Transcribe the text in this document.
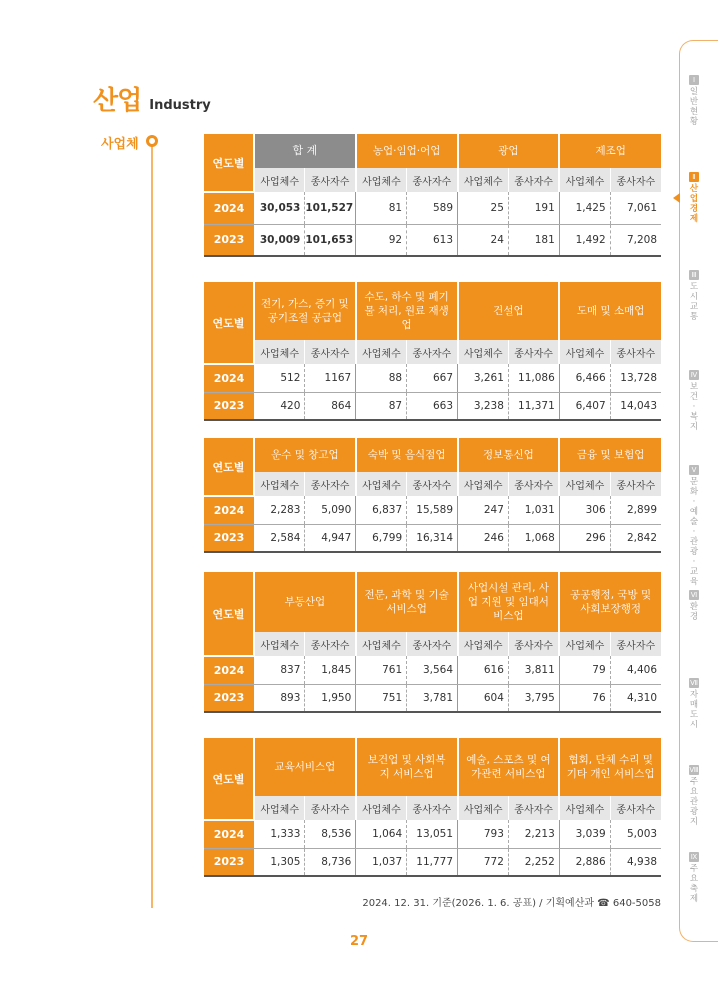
산업 Industry
사업체
연도별	합 계		농업·임업·어업		광업		제조업	
	사업체수	종사자수	사업체수	종사자수	사업체수	종사자수	사업체수	종사자수
2024	30,053	101,527	81	589	25	191	1,425	7,061
2023	30,009	101,653	92	613	24	181	1,492	7,208
연도별	전기, 가스, 증기 및 공기조절 공급업		수도, 하수 및 폐기물 처리, 원료 재생업		건설업		도매 및 소매업	
	사업체수	종사자수	사업체수	종사자수	사업체수	종사자수	사업체수	종사자수
2024	512	1167	88	667	3,261	11,086	6,466	13,728
2023	420	864	87	663	3,238	11,371	6,407	14,043
연도별	운수 및 창고업		숙박 및 음식점업		정보통신업		금융 및 보험업	
	사업체수	종사자수	사업체수	종사자수	사업체수	종사자수	사업체수	종사자수
2024	2,283	5,090	6,837	15,589	247	1,031	306	2,899
2023	2,584	4,947	6,799	16,314	246	1,068	296	2,842
연도별	부동산업		전문, 과학 및 기술서비스업		사업시설 관리, 사업 지원 및 임대서비스업		공공행정, 국방 및 사회보장행정	
	사업체수	종사자수	사업체수	종사자수	사업체수	종사자수	사업체수	종사자수
2024	837	1,845	761	3,564	616	3,811	79	4,406
2023	893	1,950	751	3,781	604	3,795	76	4,310
연도별	교육서비스업		보건업 및 사회복지 서비스업		예술, 스포츠 및 여가관련 서비스업		협회, 단체 수리 및 기타 개인 서비스업	
	사업체수	종사자수	사업체수	종사자수	사업체수	종사자수	사업체수	종사자수
2024	1,333	8,536	1,064	13,051	793	2,213	3,039	5,003
2023	1,305	8,736	1,037	11,777	772	2,252	2,886	4,938
2024. 12. 31. 기준(2026. 1. 6. 공표) / 기획예산과 ☎ 640-5058
27
Ⅰ
일반현황
Ⅱ
산업경제
Ⅲ
도시교통
Ⅳ
보건·복지
Ⅴ
문화·예술·관광·교육
Ⅵ
환경
Ⅶ
자매도시
Ⅷ
주요관광지
Ⅸ
주요축제
